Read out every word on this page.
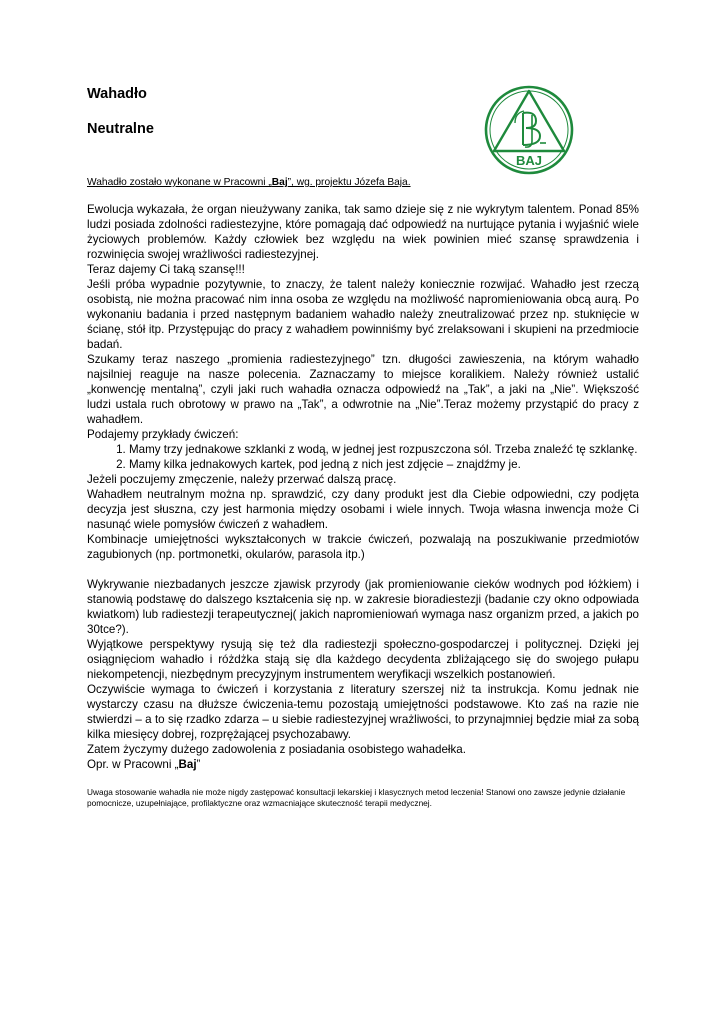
Wahadło
Neutralne
BAJ
Wahadło zostało wykonane w Pracowni „Baj”, wg. projektu Józefa Baja.

Ewolucja wykazała, że organ nieużywany zanika, tak samo dzieje się z nie wykrytym talentem. Ponad 85% ludzi posiada zdolności radiestezyjne, które pomagają dać odpowiedź na nurtujące pytania i wyjaśnić wiele życiowych problemów. Każdy człowiek bez względu na wiek powinien mieć szansę sprawdzenia i rozwinięcia swojej wrażliwości radiestezyjnej.

Teraz dajemy Ci taką szansę!!!

Jeśli próba wypadnie pozytywnie, to znaczy, że talent należy koniecznie rozwijać. Wahadło jest rzeczą osobistą, nie można pracować nim inna osoba ze względu na możliwość napromieniowania obcą aurą. Po wykonaniu badania i przed następnym badaniem wahadło należy zneutralizować przez np. stuknięcie w ścianę, stół itp. Przystępując do pracy z wahadłem powinniśmy być zrelaksowani i skupieni na przedmiocie badań.

Szukamy teraz naszego „promienia radiestezyjnego” tzn. długości zawieszenia, na którym wahadło najsilniej reaguje na nasze polecenia. Zaznaczamy to miejsce koralikiem. Należy również ustalić „konwencję mentalną”, czyli jaki ruch wahadła oznacza odpowiedź na „Tak”, a jaki na „Nie”. Większość ludzi ustala ruch obrotowy w prawo na „Tak”, a odwrotnie na „Nie”.Teraz możemy przystąpić do pracy z wahadłem.

Podajemy przykłady ćwiczeń:

1. Mamy trzy jednakowe szklanki z wodą, w jednej jest rozpuszczona sól. Trzeba znaleźć tę szklankę.
2. Mamy kilka jednakowych kartek, pod jedną z nich jest zdjęcie – znajdźmy je.

Jeżeli poczujemy zmęczenie, należy przerwać dalszą pracę.

Wahadłem neutralnym można np. sprawdzić, czy dany produkt jest dla Ciebie odpowiedni, czy podjęta decyzja jest słuszna, czy jest harmonia między osobami i wiele innych. Twoja własna inwencja może Ci nasunąć wiele pomysłów ćwiczeń z wahadłem.

Kombinacje umiejętności wykształconych w trakcie ćwiczeń, pozwalają na poszukiwanie przedmiotów zagubionych (np. portmonetki, okularów, parasola itp.)

Wykrywanie niezbadanych jeszcze zjawisk przyrody (jak promieniowanie cieków wodnych pod łóżkiem) i stanowią podstawę do dalszego kształcenia się np. w zakresie bioradiestezji (badanie czy okno odpowiada kwiatkom) lub radiestezji terapeutycznej( jakich napromieniowań wymaga nasz organizm przed, a jakich po 30tce?).

Wyjątkowe perspektywy rysują się też dla radiestezji społeczno-gospodarczej i politycznej. Dzięki jej osiągnięciom wahadło i różdżka stają się dla każdego decydenta zbliżającego się do swojego pułapu niekompetencji, niezbędnym precyzyjnym instrumentem weryfikacji wszelkich postanowień.

Oczywiście wymaga to ćwiczeń i korzystania z literatury szerszej niż ta instrukcja. Komu jednak nie wystarczy czasu na dłuższe ćwiczenia-temu pozostają umiejętności podstawowe. Kto zaś na razie nie stwierdzi – a to się rzadko zdarza – u siebie radiestezyjnej wrażliwości, to przynajmniej będzie miał za sobą kilka miesięcy dobrej, rozprężającej psychozabawy.

Zatem życzymy dużego zadowolenia z posiadania osobistego wahadełka.

Opr. w Pracowni „Baj”

Uwaga stosowanie wahadła nie może nigdy zastępować konsultacji lekarskiej i klasycznych metod leczenia! Stanowi ono zawsze jedynie działanie pomocnicze, uzupełniające, profilaktyczne oraz wzmacniające skuteczność terapii medycznej.
